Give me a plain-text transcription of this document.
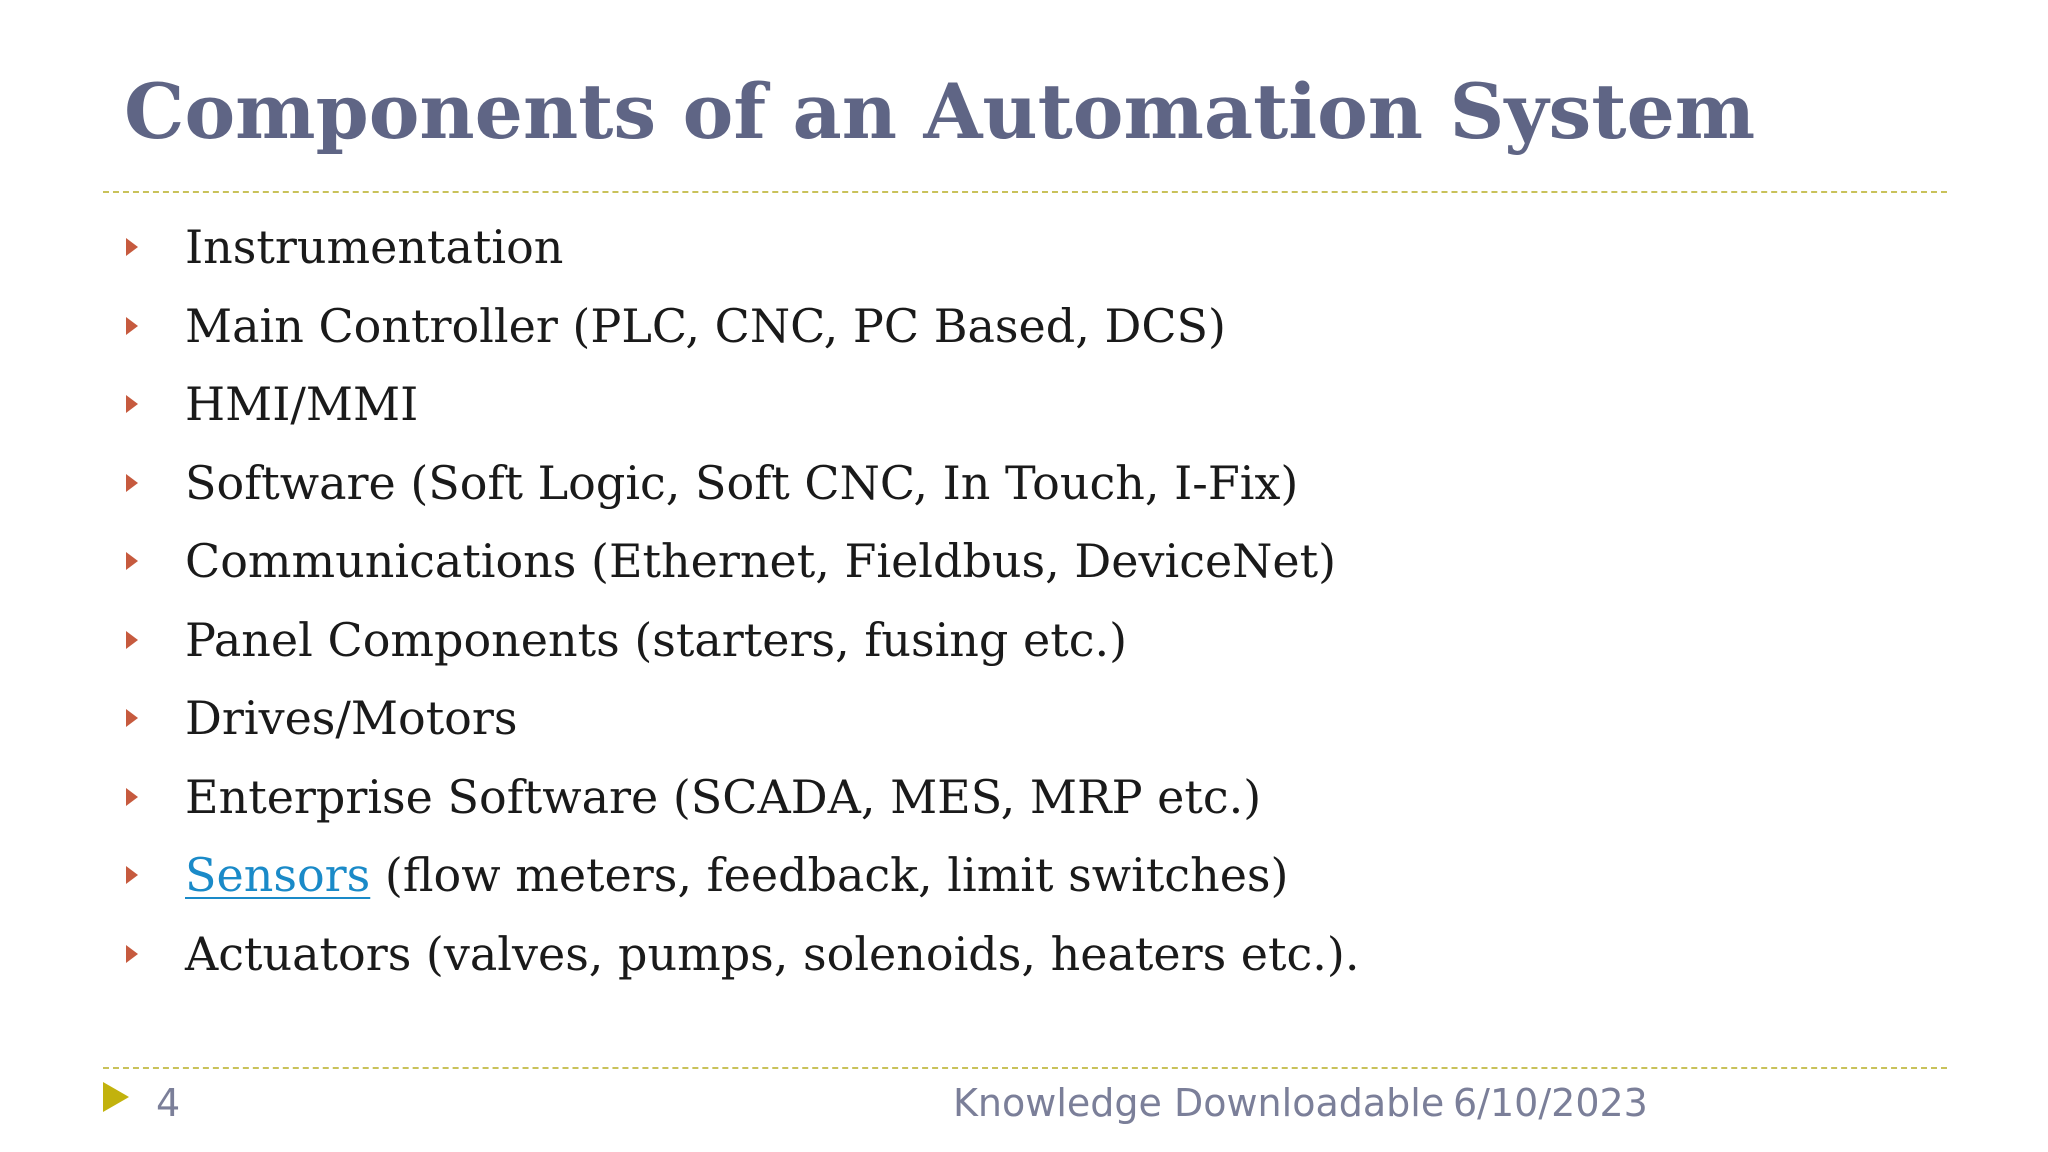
Components of an Automation System
Instrumentation
Main Controller (PLC, CNC, PC Based, DCS)
HMI/MMI
Software (Soft Logic, Soft CNC, In Touch, I-Fix)
Communications (Ethernet, Fieldbus, DeviceNet)
Panel Components (starters, fusing etc.)
Drives/Motors
Enterprise Software (SCADA, MES, MRP etc.)
Sensors (flow meters, feedback, limit switches)
Actuators (valves, pumps, solenoids, heaters etc.).
4	Knowledge Downloadable 6/10/2023
